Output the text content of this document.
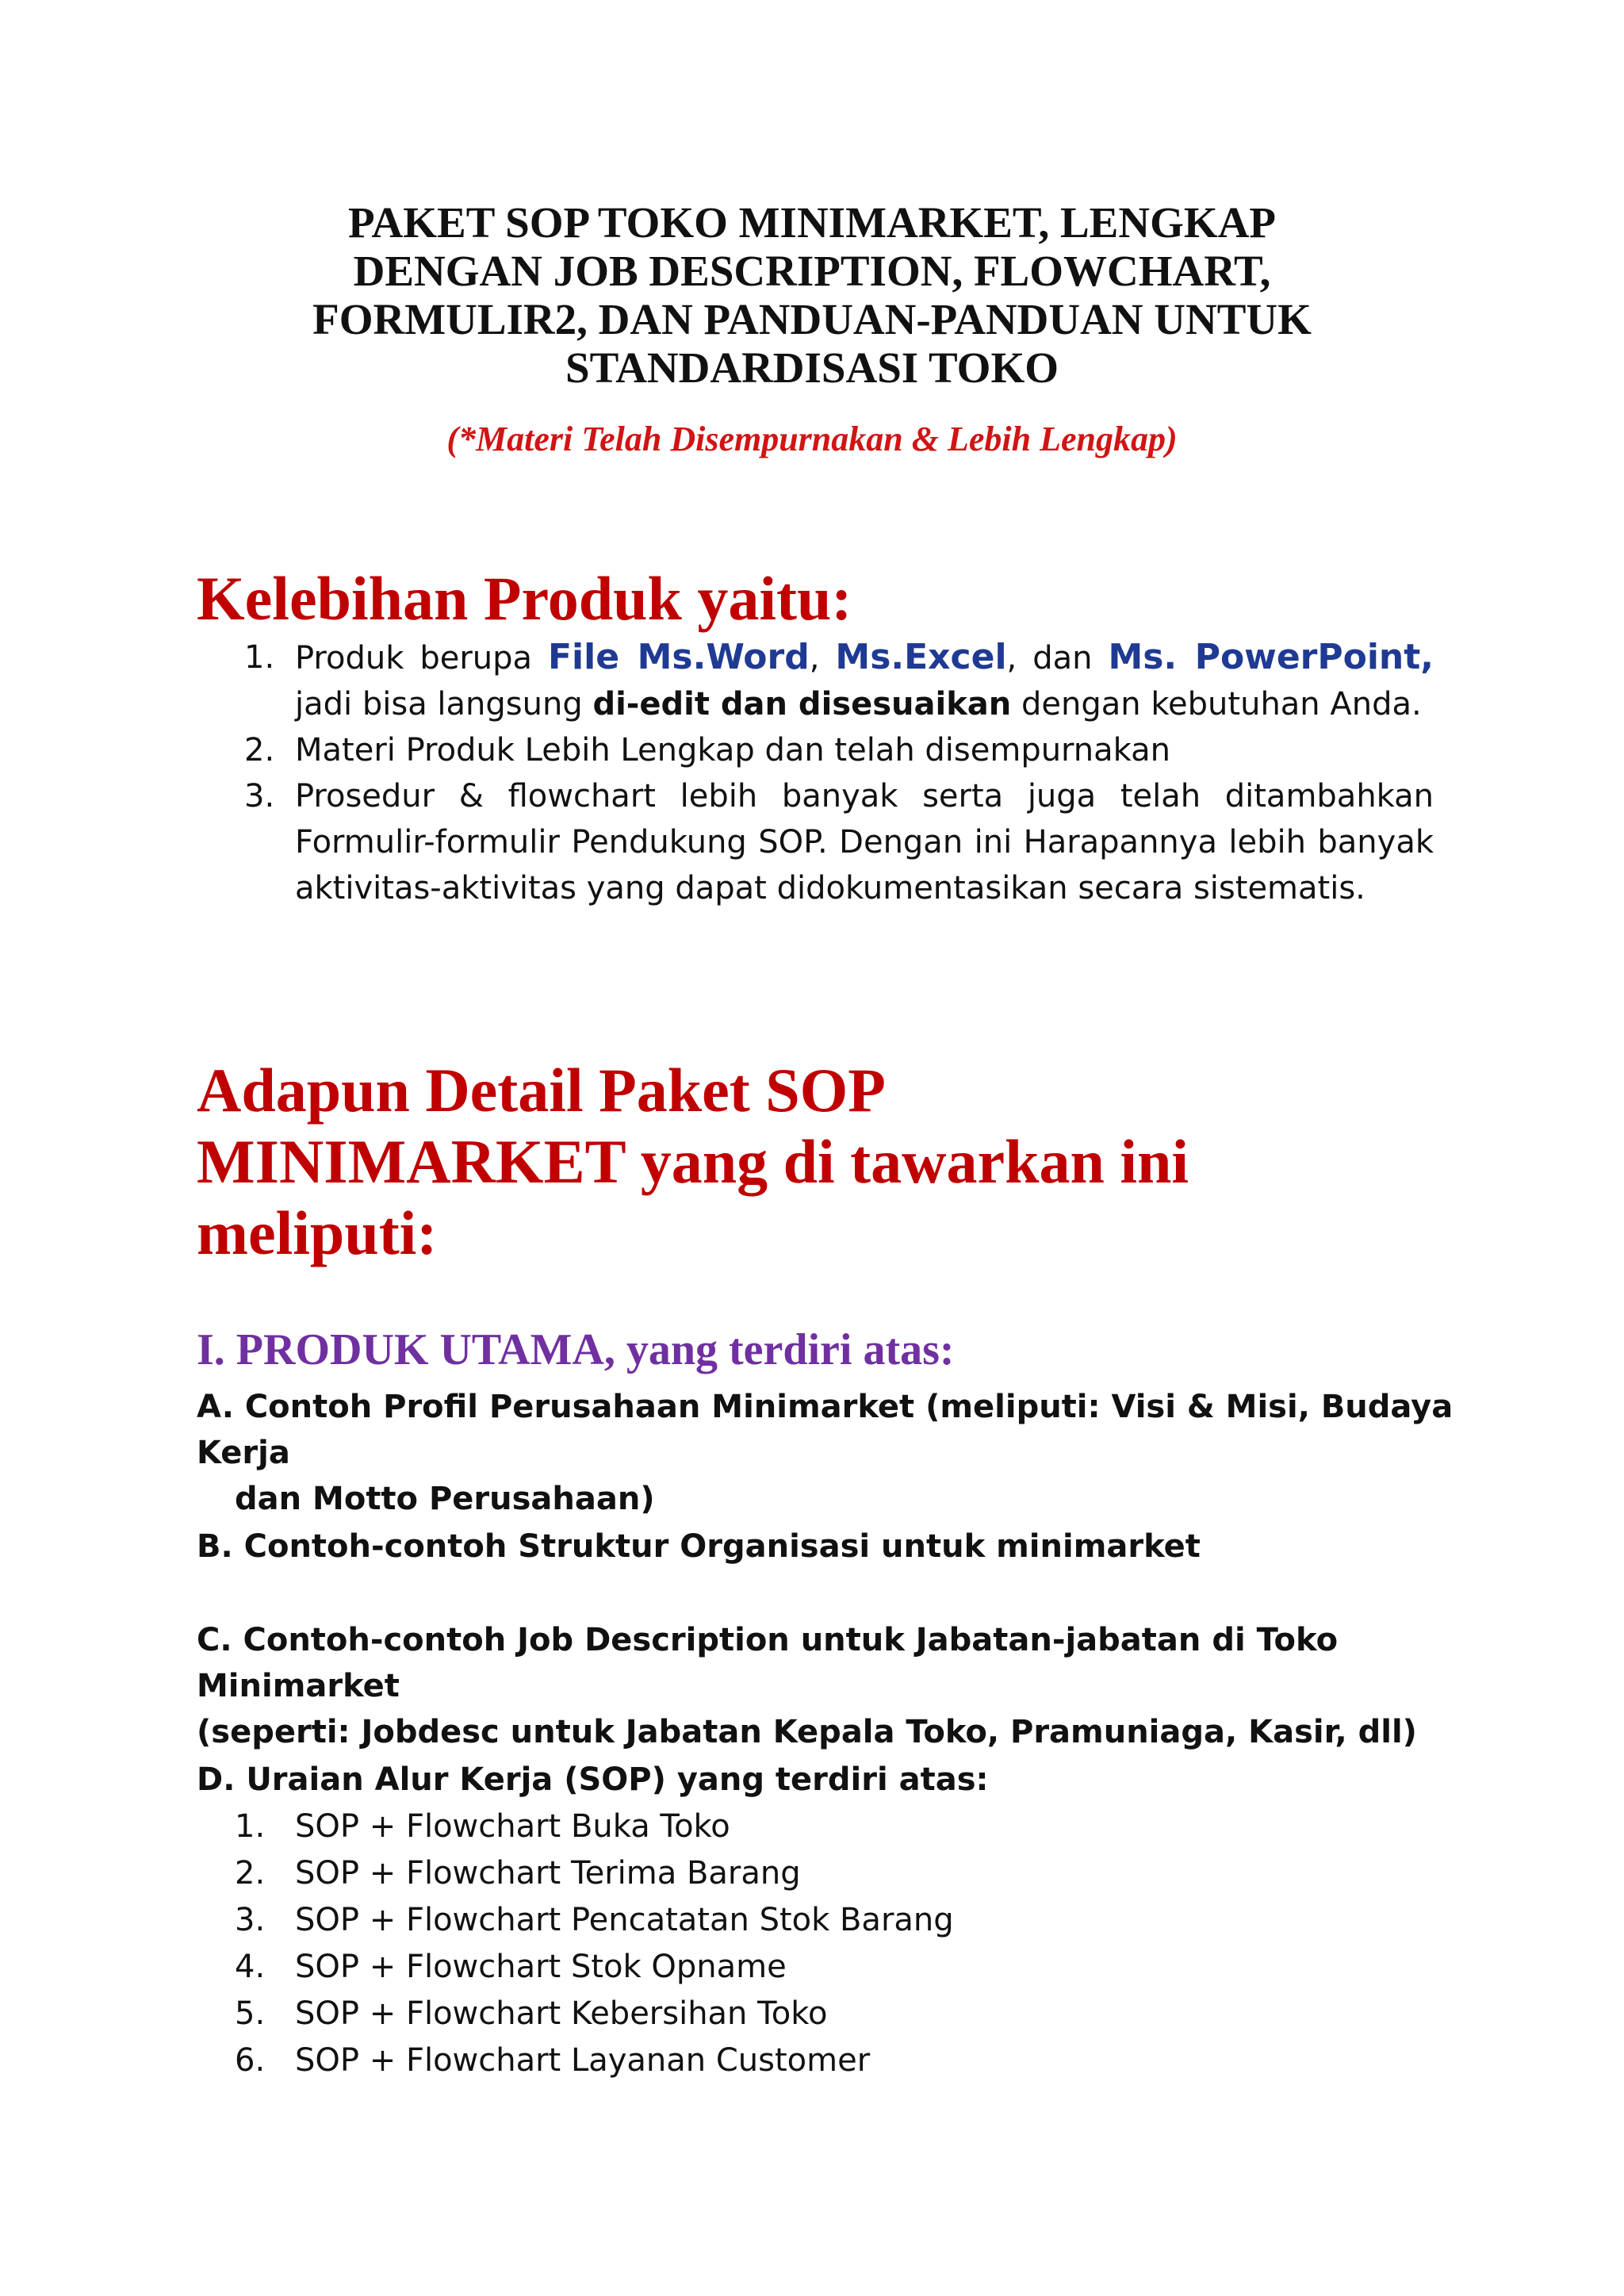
PAKET SOP TOKO MINIMARKET, LENGKAP
DENGAN JOB DESCRIPTION, FLOWCHART,
FORMULIR2, DAN PANDUAN-PANDUAN UNTUK
STANDARDISASI TOKO
(*Materi Telah Disempurnakan & Lebih Lengkap)
Kelebihan Produk yaitu:
1. Produk berupa File Ms.Word, Ms.Excel, dan Ms. PowerPoint, jadi bisa langsung di-edit dan disesuaikan dengan kebutuhan Anda.
2. Materi Produk Lebih Lengkap dan telah disempurnakan
3. Prosedur & flowchart lebih banyak serta juga telah ditambahkan Formulir-formulir Pendukung SOP. Dengan ini Harapannya lebih banyak aktivitas-aktivitas yang dapat didokumentasikan secara sistematis.
Adapun Detail Paket SOP
MINIMARKET yang di tawarkan ini
meliputi:
I. PRODUK UTAMA, yang terdiri atas:
A. Contoh Profil Perusahaan Minimarket (meliputi: Visi & Misi, Budaya Kerja
dan Motto Perusahaan)
B. Contoh-contoh Struktur Organisasi untuk minimarket
C. Contoh-contoh Job Description untuk Jabatan-jabatan di Toko Minimarket
(seperti: Jobdesc untuk Jabatan Kepala Toko, Pramuniaga, Kasir, dll)
D. Uraian Alur Kerja (SOP) yang terdiri atas:
1. SOP + Flowchart Buka Toko
2. SOP + Flowchart Terima Barang
3. SOP + Flowchart Pencatatan Stok Barang
4. SOP + Flowchart Stok Opname
5. SOP + Flowchart Kebersihan Toko
6. SOP + Flowchart Layanan Customer
